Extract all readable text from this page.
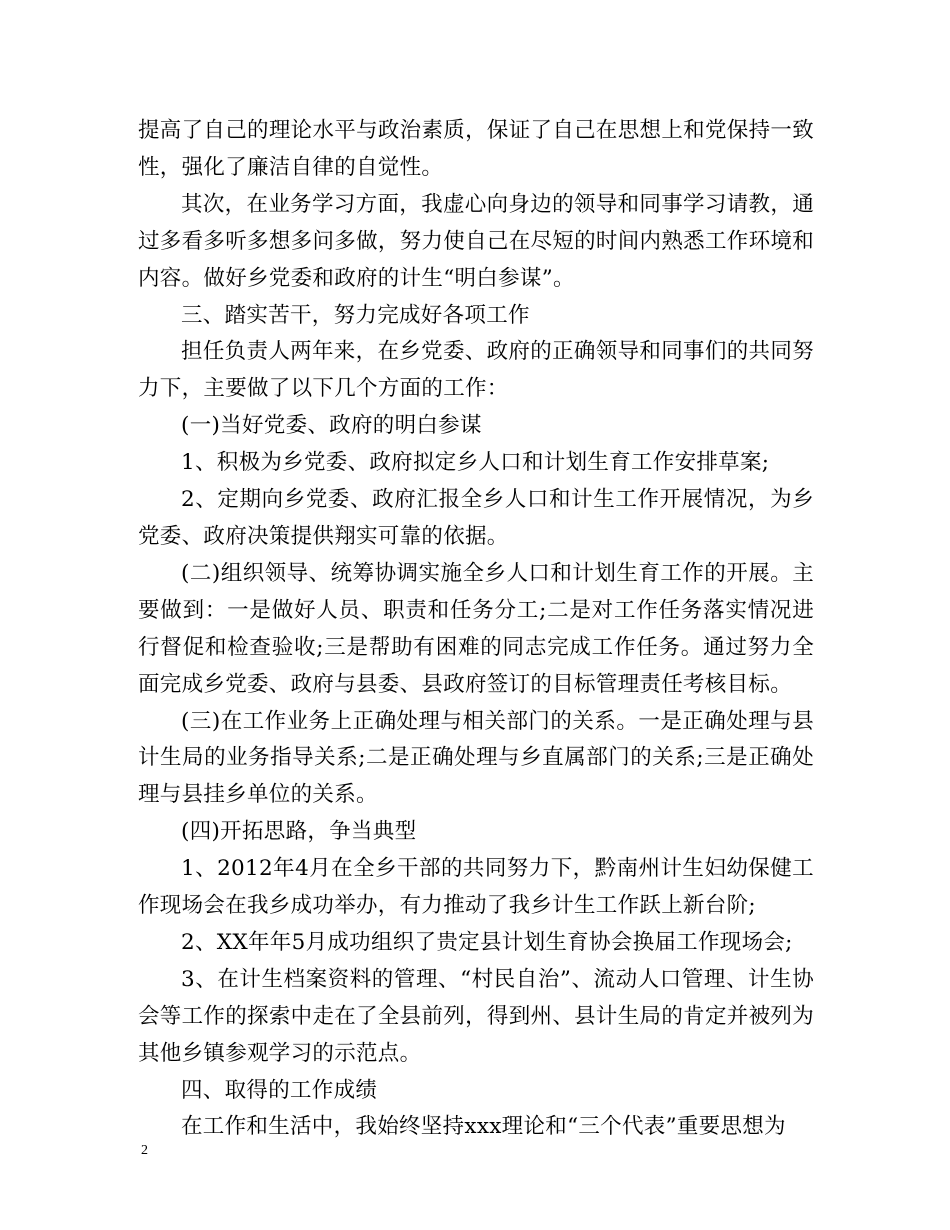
提高了自己的理论水平与政治素质，保证了自己在思想上和党保持一致性，强化了廉洁自律的自觉性。

其次，在业务学习方面，我虚心向身边的领导和同事学习请教，通过多看多听多想多问多做，努力使自己在尽短的时间内熟悉工作环境和内容。做好乡党委和政府的计生“明白参谋”。

三、踏实苦干，努力完成好各项工作

担任负责人两年来，在乡党委、政府的正确领导和同事们的共同努力下，主要做了以下几个方面的工作：

(一)当好党委、政府的明白参谋

1、积极为乡党委、政府拟定乡人口和计划生育工作安排草案;

2、定期向乡党委、政府汇报全乡人口和计生工作开展情况，为乡党委、政府决策提供翔实可靠的依据。

(二)组织领导、统筹协调实施全乡人口和计划生育工作的开展。主要做到：一是做好人员、职责和任务分工;二是对工作任务落实情况进行督促和检查验收;三是帮助有困难的同志完成工作任务。通过努力全面完成乡党委、政府与县委、县政府签订的目标管理责任考核目标。

(三)在工作业务上正确处理与相关部门的关系。一是正确处理与县计生局的业务指导关系;二是正确处理与乡直属部门的关系;三是正确处理与县挂乡单位的关系。

(四)开拓思路，争当典型

1、2012年4月在全乡干部的共同努力下，黔南州计生妇幼保健工作现场会在我乡成功举办，有力推动了我乡计生工作跃上新台阶;

2、XX年年5月成功组织了贵定县计划生育协会换届工作现场会;

3、在计生档案资料的管理、“村民自治”、流动人口管理、计生协会等工作的探索中走在了全县前列，得到州、县计生局的肯定并被列为其他乡镇参观学习的示范点。

四、取得的工作成绩

在工作和生活中，我始终坚持xxx理论和“三个代表”重要思想为

2
